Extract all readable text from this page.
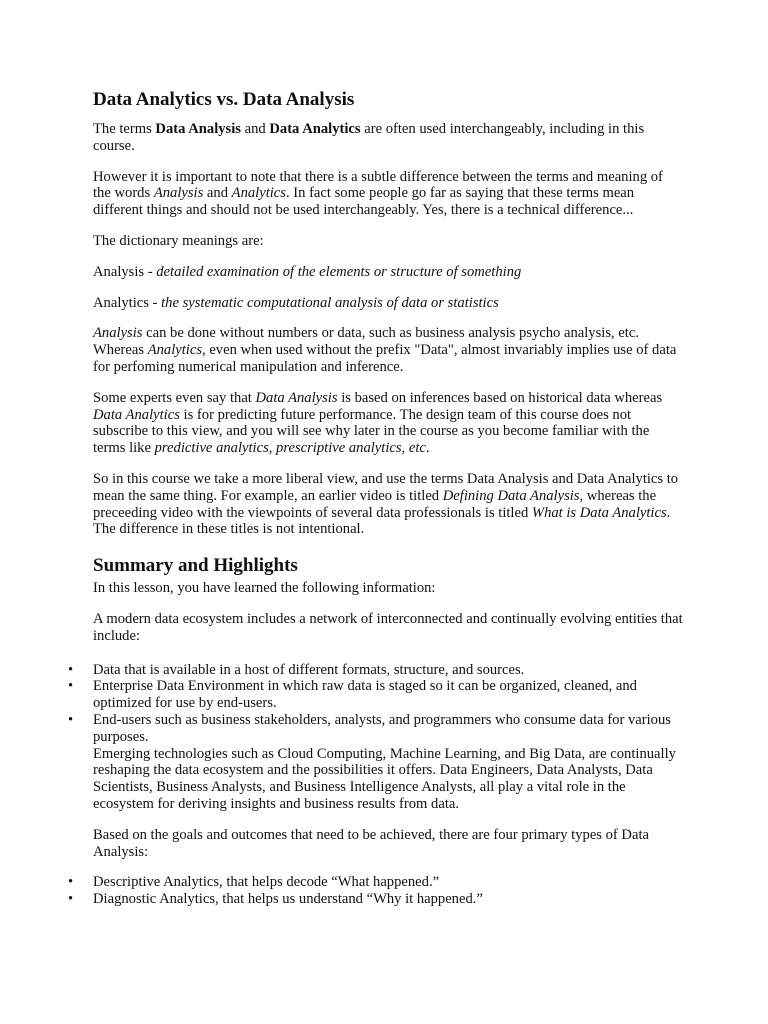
Data Analytics vs. Data Analysis

The terms Data Analysis and Data Analytics are often used interchangeably, including in this course.

However it is important to note that there is a subtle difference between the terms and meaning of the words Analysis and Analytics. In fact some people go far as saying that these terms mean different things and should not be used interchangeably. Yes, there is a technical difference...

The dictionary meanings are:

Analysis - detailed examination of the elements or structure of something

Analytics - the systematic computational analysis of data or statistics

Analysis can be done without numbers or data, such as business analysis psycho analysis, etc. Whereas Analytics, even when used without the prefix "Data", almost invariably implies use of data for perfoming numerical manipulation and inference.

Some experts even say that Data Analysis is based on inferences based on historical data whereas Data Analytics is for predicting future performance. The design team of this course does not subscribe to this view, and you will see why later in the course as you become familiar with the terms like predictive analytics, prescriptive analytics, etc.

So in this course we take a more liberal view, and use the terms Data Analysis and Data Analytics to mean the same thing. For example, an earlier video is titled Defining Data Analysis, whereas the preceeding video with the viewpoints of several data professionals is titled What is Data Analytics. The difference in these titles is not intentional.

Summary and Highlights

In this lesson, you have learned the following information:

A modern data ecosystem includes a network of interconnected and continually evolving entities that include:

•	Data that is available in a host of different formats, structure, and sources.
•	Enterprise Data Environment in which raw data is staged so it can be organized, cleaned, and optimized for use by end-users.
•	End-users such as business stakeholders, analysts, and programmers who consume data for various purposes.
Emerging technologies such as Cloud Computing, Machine Learning, and Big Data, are continually reshaping the data ecosystem and the possibilities it offers. Data Engineers, Data Analysts, Data Scientists, Business Analysts, and Business Intelligence Analysts, all play a vital role in the ecosystem for deriving insights and business results from data.

Based on the goals and outcomes that need to be achieved, there are four primary types of Data Analysis:

•	Descriptive Analytics, that helps decode “What happened.”
•	Diagnostic Analytics, that helps us understand “Why it happened.”
